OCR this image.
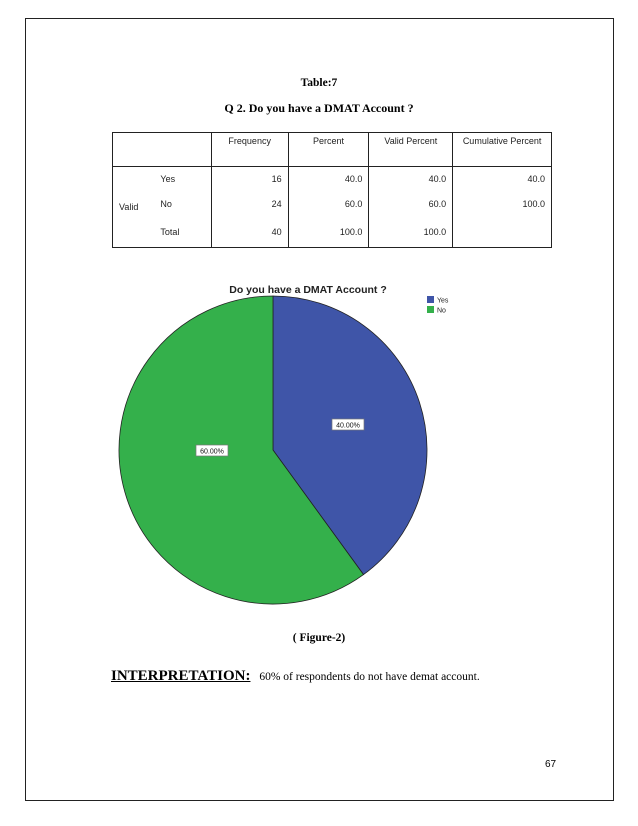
Table:7
Q 2. Do you have a DMAT Account ?
		Frequency	Percent	Valid Percent	Cumulative Percent
Valid	Yes	16	40.0	40.0	40.0
	No	24	60.0	60.0	100.0
	Total	40	100.0	100.0	
Do you have a DMAT Account ?
Yes
No
40.00%
60.00%
( Figure-2)
INTERPRETATION: 60% of respondents do not have demat account.
67
